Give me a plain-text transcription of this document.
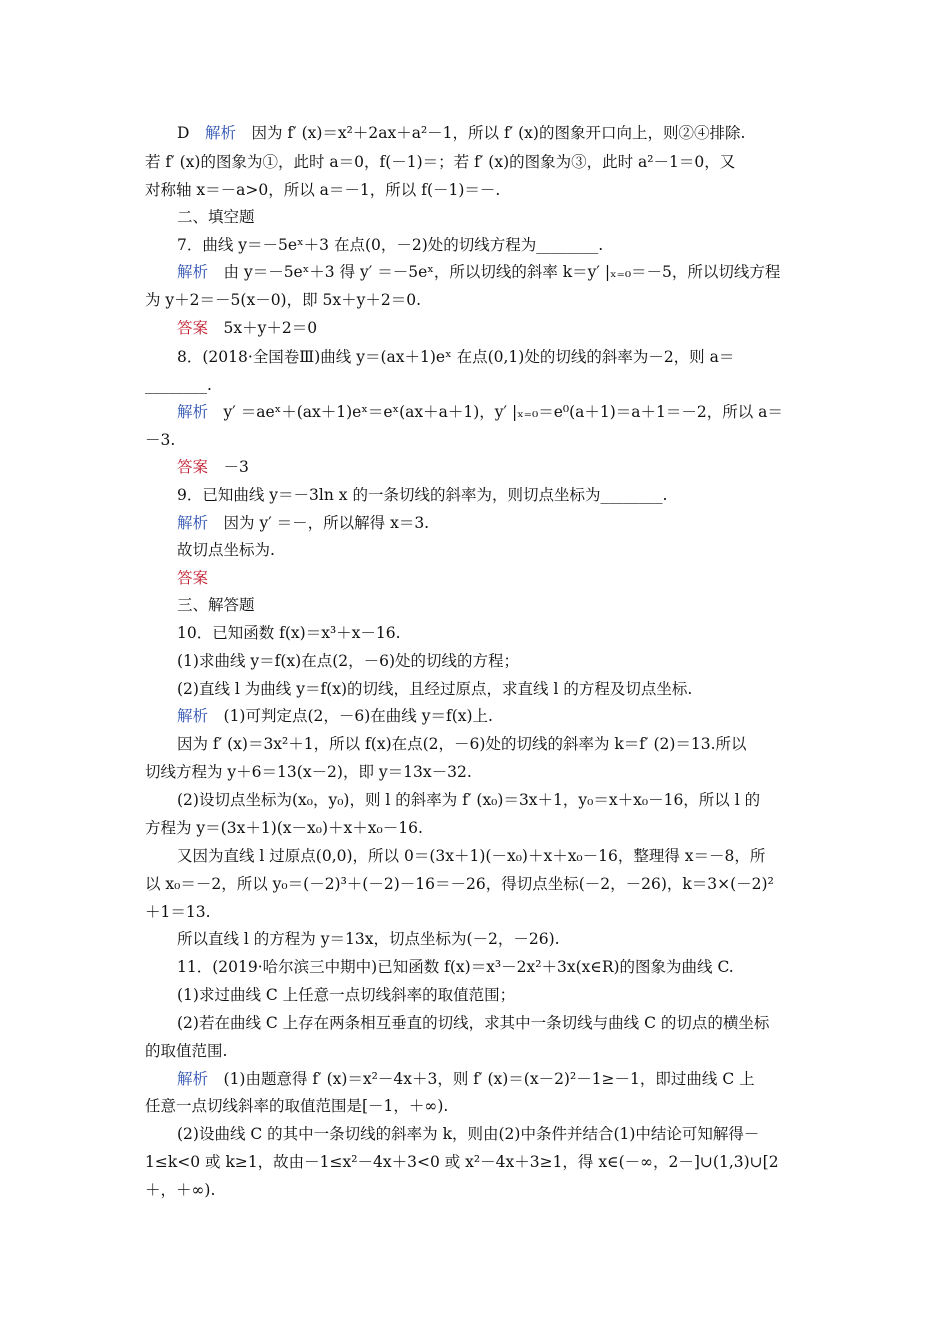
D　解析　因为 f′ (x)＝x²＋2ax＋a²－1，所以 f′ (x)的图象开口向上，则②④排除.
若 f′ (x)的图象为①，此时 a＝0，f(－1)＝；若 f′ (x)的图象为③，此时 a²－1＝0，又
对称轴 x＝－a>0，所以 a＝－1，所以 f(－1)＝－.
二、填空题
7．曲线 y＝－5eˣ＋3 在点(0，－2)处的切线方程为________.
解析　由 y＝－5eˣ＋3 得 y′ ＝－5eˣ，所以切线的斜率 k＝y′ |ₓ₌₀＝－5，所以切线方程
为 y＋2＝－5(x－0)，即 5x＋y＋2＝0.
答案　5x＋y＋2＝0
8．(2018·全国卷Ⅲ)曲线 y＝(ax＋1)eˣ 在点(0,1)处的切线的斜率为－2，则 a＝
________.
解析　y′ ＝aeˣ＋(ax＋1)eˣ＝eˣ(ax＋a＋1)，y′ |ₓ₌₀＝e⁰(a＋1)＝a＋1＝－2，所以 a＝
－3.
答案　－3
9．已知曲线 y＝－3ln x 的一条切线的斜率为，则切点坐标为________.
解析　因为 y′ ＝－，所以解得 x＝3.
故切点坐标为.
答案
三、解答题
10．已知函数 f(x)＝x³＋x－16.
(1)求曲线 y＝f(x)在点(2，－6)处的切线的方程；
(2)直线 l 为曲线 y＝f(x)的切线，且经过原点，求直线 l 的方程及切点坐标.
解析　(1)可判定点(2，－6)在曲线 y＝f(x)上.
因为 f′ (x)＝3x²＋1，所以 f(x)在点(2，－6)处的切线的斜率为 k＝f′ (2)＝13.所以
切线方程为 y＋6＝13(x－2)，即 y＝13x－32.
(2)设切点坐标为(x₀，y₀)，则 l 的斜率为 f′ (x₀)＝3x＋1，y₀＝x＋x₀－16，所以 l 的
方程为 y＝(3x＋1)(x－x₀)＋x＋x₀－16.
又因为直线 l 过原点(0,0)，所以 0＝(3x＋1)(－x₀)＋x＋x₀－16，整理得 x＝－8，所
以 x₀＝－2，所以 y₀＝(－2)³＋(－2)－16＝－26，得切点坐标(－2，－26)，k＝3×(－2)²
＋1＝13.
所以直线 l 的方程为 y＝13x，切点坐标为(－2，－26).
11．(2019·哈尔滨三中期中)已知函数 f(x)＝x³－2x²＋3x(x∈R)的图象为曲线 C.
(1)求过曲线 C 上任意一点切线斜率的取值范围；
(2)若在曲线 C 上存在两条相互垂直的切线，求其中一条切线与曲线 C 的切点的横坐标
的取值范围.
解析　(1)由题意得 f′ (x)＝x²－4x＋3，则 f′ (x)＝(x－2)²－1≥－1，即过曲线 C 上
任意一点切线斜率的取值范围是[－1，＋∞).
(2)设曲线 C 的其中一条切线的斜率为 k，则由(2)中条件并结合(1)中结论可知解得－
1≤k<0 或 k≥1，故由－1≤x²－4x＋3<0 或 x²－4x＋3≥1，得 x∈(－∞，2－]∪(1,3)∪[2
＋，＋∞).
